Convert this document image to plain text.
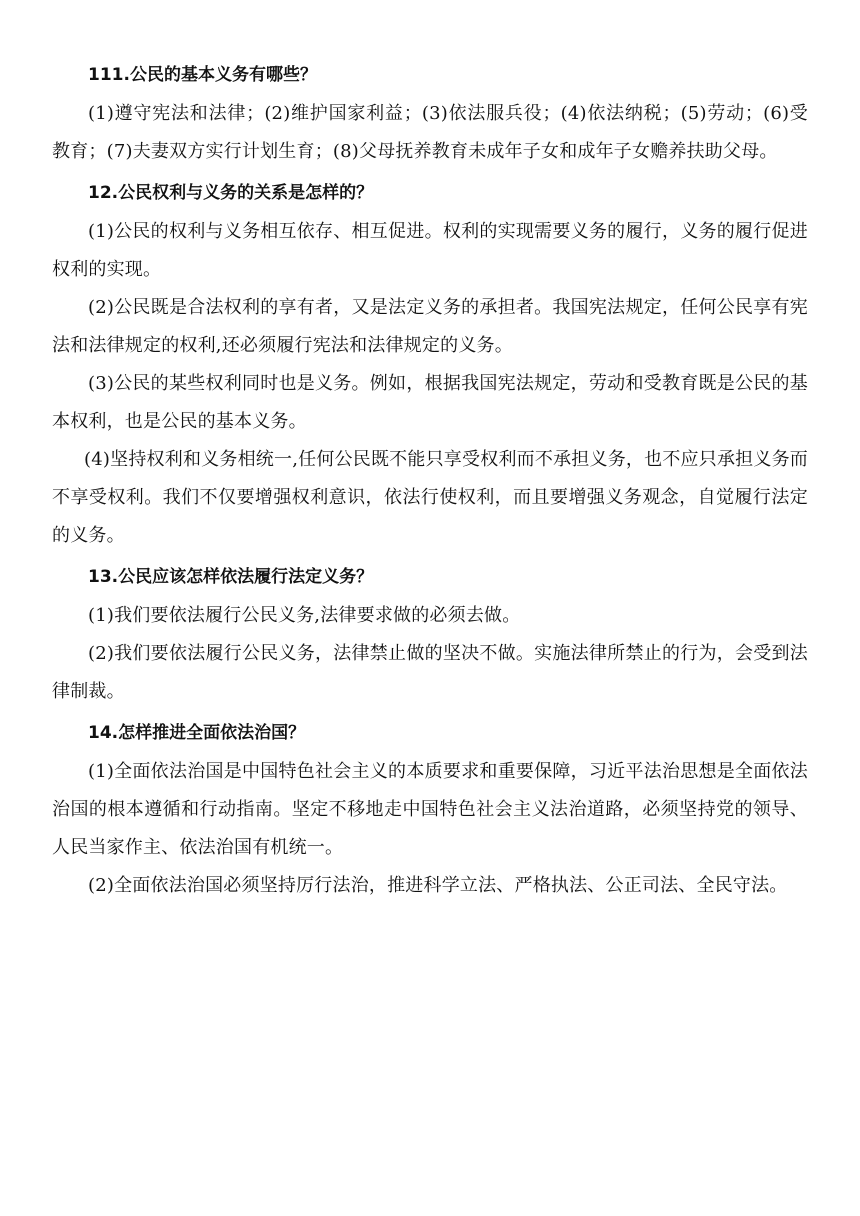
111.公民的基本义务有哪些？

(1)遵守宪法和法律；(2)维护国家利益；(3)依法服兵役；(4)依法纳税；(5)劳动；(6)受教育；(7)夫妻双方实行计划生育；(8)父母抚养教育未成年子女和成年子女赡养扶助父母。

12.公民权利与义务的关系是怎样的？

(1)公民的权利与义务相互依存、相互促进。权利的实现需要义务的履行，义务的履行促进权利的实现。

(2)公民既是合法权利的享有者，又是法定义务的承担者。我国宪法规定，任何公民享有宪法和法律规定的权利,还必须履行宪法和法律规定的义务。

(3)公民的某些权利同时也是义务。例如，根据我国宪法规定，劳动和受教育既是公民的基本权利，也是公民的基本义务。

(4)坚持权利和义务相统一,任何公民既不能只享受权利而不承担义务，也不应只承担义务而不享受权利。我们不仅要增强权利意识，依法行使权利，而且要增强义务观念，自觉履行法定的义务。

13.公民应该怎样依法履行法定义务？

(1)我们要依法履行公民义务,法律要求做的必须去做。

(2)我们要依法履行公民义务，法律禁止做的坚决不做。实施法律所禁止的行为，会受到法律制裁。

14.怎样推进全面依法治国？

(1)全面依法治国是中国特色社会主义的本质要求和重要保障，习近平法治思想是全面依法治国的根本遵循和行动指南。坚定不移地走中国特色社会主义法治道路，必须坚持党的领导、人民当家作主、依法治国有机统一。

(2)全面依法治国必须坚持厉行法治，推进科学立法、严格执法、公正司法、全民守法。
